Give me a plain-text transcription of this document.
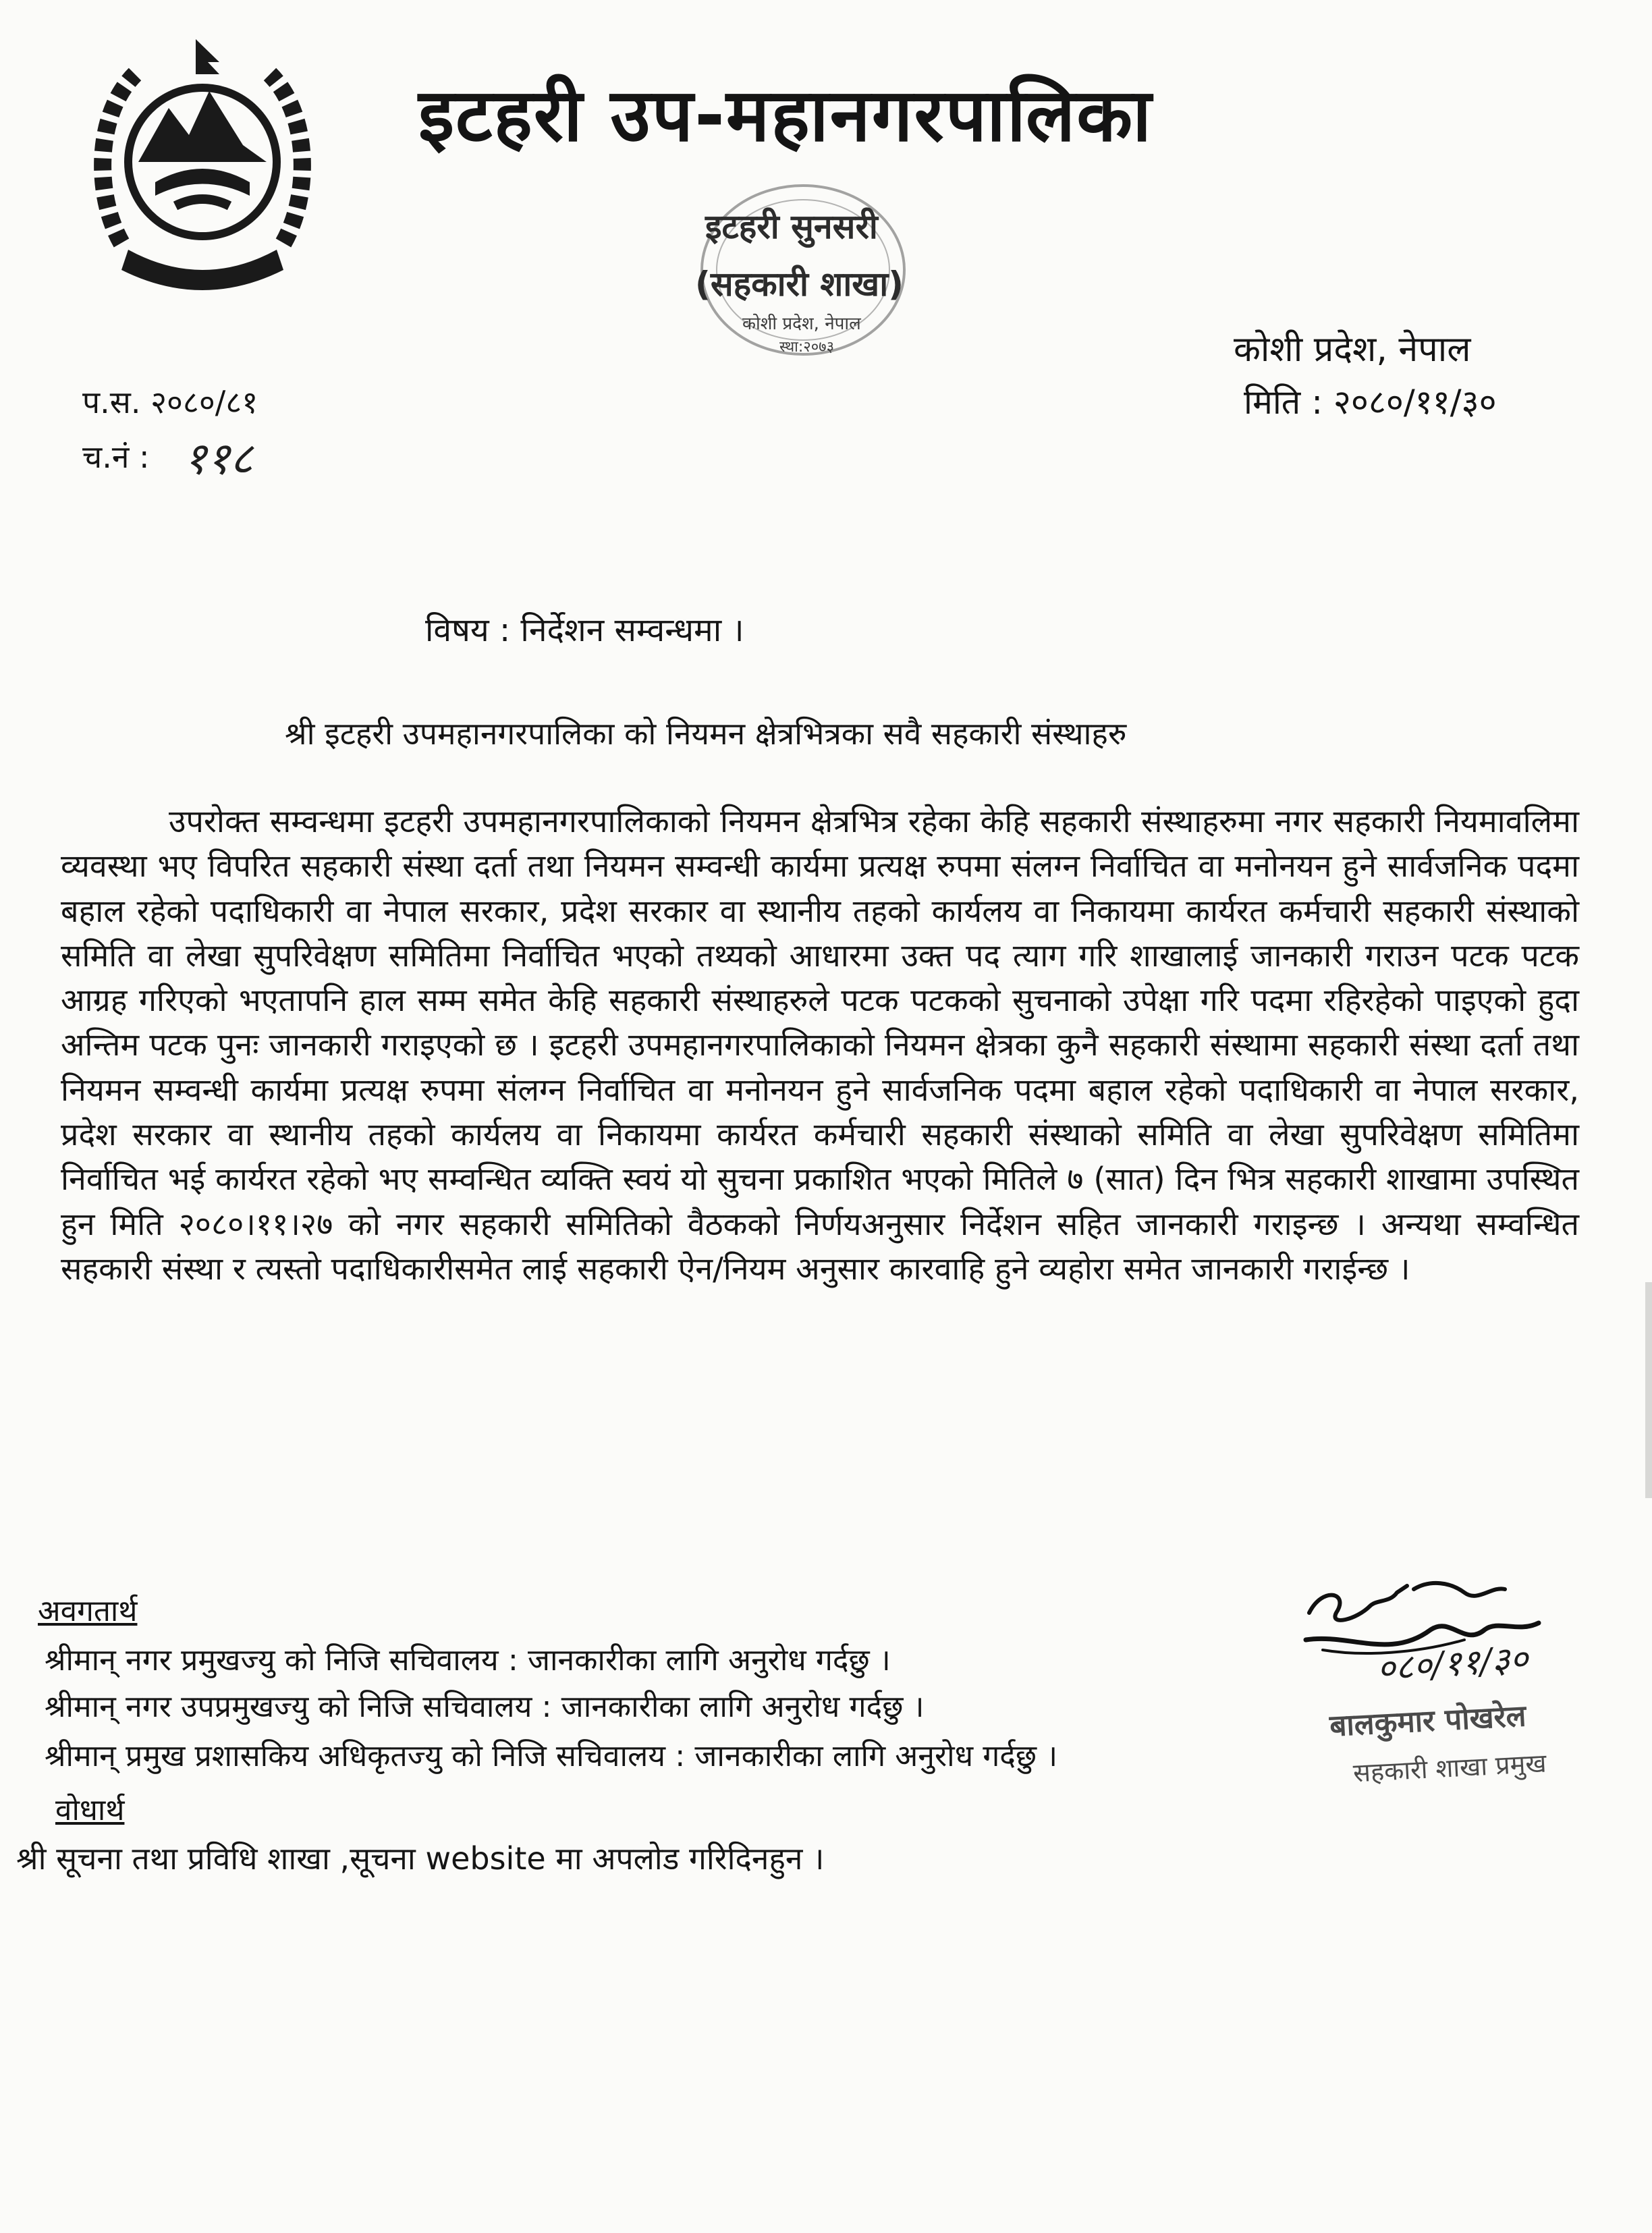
इटहरी उप-महानगरपालिका
इटहरी सुनसरी
(सहकारी शाखा)
कोशी प्रदेश, नेपाल
स्था:२०७३	कोशी प्रदेश, नेपाल
मिति : २०८०/११/३०
प.स. २०८०/८१
च.नं : ११८
विषय : निर्देशन सम्वन्धमा ।
श्री इटहरी उपमहानगरपालिका को नियमन क्षेत्रभित्रका सवै सहकारी संस्थाहरु
उपरोक्त सम्वन्धमा इटहरी उपमहानगरपालिकाको नियमन क्षेत्रभित्र रहेका केहि सहकारी संस्थाहरुमा नगर सहकारी नियमावलिमा व्यवस्था भए विपरित सहकारी संस्था दर्ता तथा नियमन सम्वन्धी कार्यमा प्रत्यक्ष रुपमा संलग्न निर्वाचित वा मनोनयन हुने सार्वजनिक पदमा बहाल रहेको पदाधिकारी वा नेपाल सरकार, प्रदेश सरकार वा स्थानीय तहको कार्यलय वा निकायमा कार्यरत कर्मचारी सहकारी संस्थाको समिति वा लेखा सुपरिवेक्षण समितिमा निर्वाचित भएको तथ्यको आधारमा उक्त पद त्याग गरि शाखालाई जानकारी गराउन पटक पटक आग्रह गरिएको भएतापनि हाल सम्म समेत केहि सहकारी संस्थाहरुले पटक पटकको सुचनाको उपेक्षा गरि पदमा रहिरहेको पाइएको हुदा अन्तिम पटक पुनः जानकारी गराइएको छ । इटहरी उपमहानगरपालिकाको नियमन क्षेत्रका कुनै सहकारी संस्थामा सहकारी संस्था दर्ता तथा नियमन सम्वन्धी कार्यमा प्रत्यक्ष रुपमा संलग्न निर्वाचित वा मनोनयन हुने सार्वजनिक पदमा बहाल रहेको पदाधिकारी वा नेपाल सरकार, प्रदेश सरकार वा स्थानीय तहको कार्यलय वा निकायमा कार्यरत कर्मचारी सहकारी संस्थाको समिति वा लेखा सुपरिवेक्षण समितिमा निर्वाचित भई कार्यरत रहेको भए सम्वन्धित व्यक्ति स्वयं यो सुचना प्रकाशित भएको मितिले ७ (सात) दिन भित्र सहकारी शाखामा उपस्थित हुन मिति २०८०।११।२७ को नगर सहकारी समितिको वैठकको निर्णयअनुसार निर्देशन सहित जानकारी गराइन्छ । अन्यथा सम्वन्धित सहकारी संस्था र त्यस्तो पदाधिकारीसमेत लाई सहकारी ऐन/नियम अनुसार कारवाहि हुने व्यहोरा समेत जानकारी गराईन्छ ।
अवगतार्थ
श्रीमान् नगर प्रमुखज्यु को निजि सचिवालय : जानकारीका लागि अनुरोध गर्दछु ।
श्रीमान् नगर उपप्रमुखज्यु को निजि सचिवालय : जानकारीका लागि अनुरोध गर्दछु ।
श्रीमान् प्रमुख प्रशासकिय अधिकृतज्यु को निजि सचिवालय : जानकारीका लागि अनुरोध गर्दछु ।
वोधार्थ
श्री सूचना तथा प्रविधि शाखा ,सूचना website मा अपलोड गरिदिनहुन ।
०८०/११/३०
बालकुमार पोखरेल
सहकारी शाखा प्रमुख
